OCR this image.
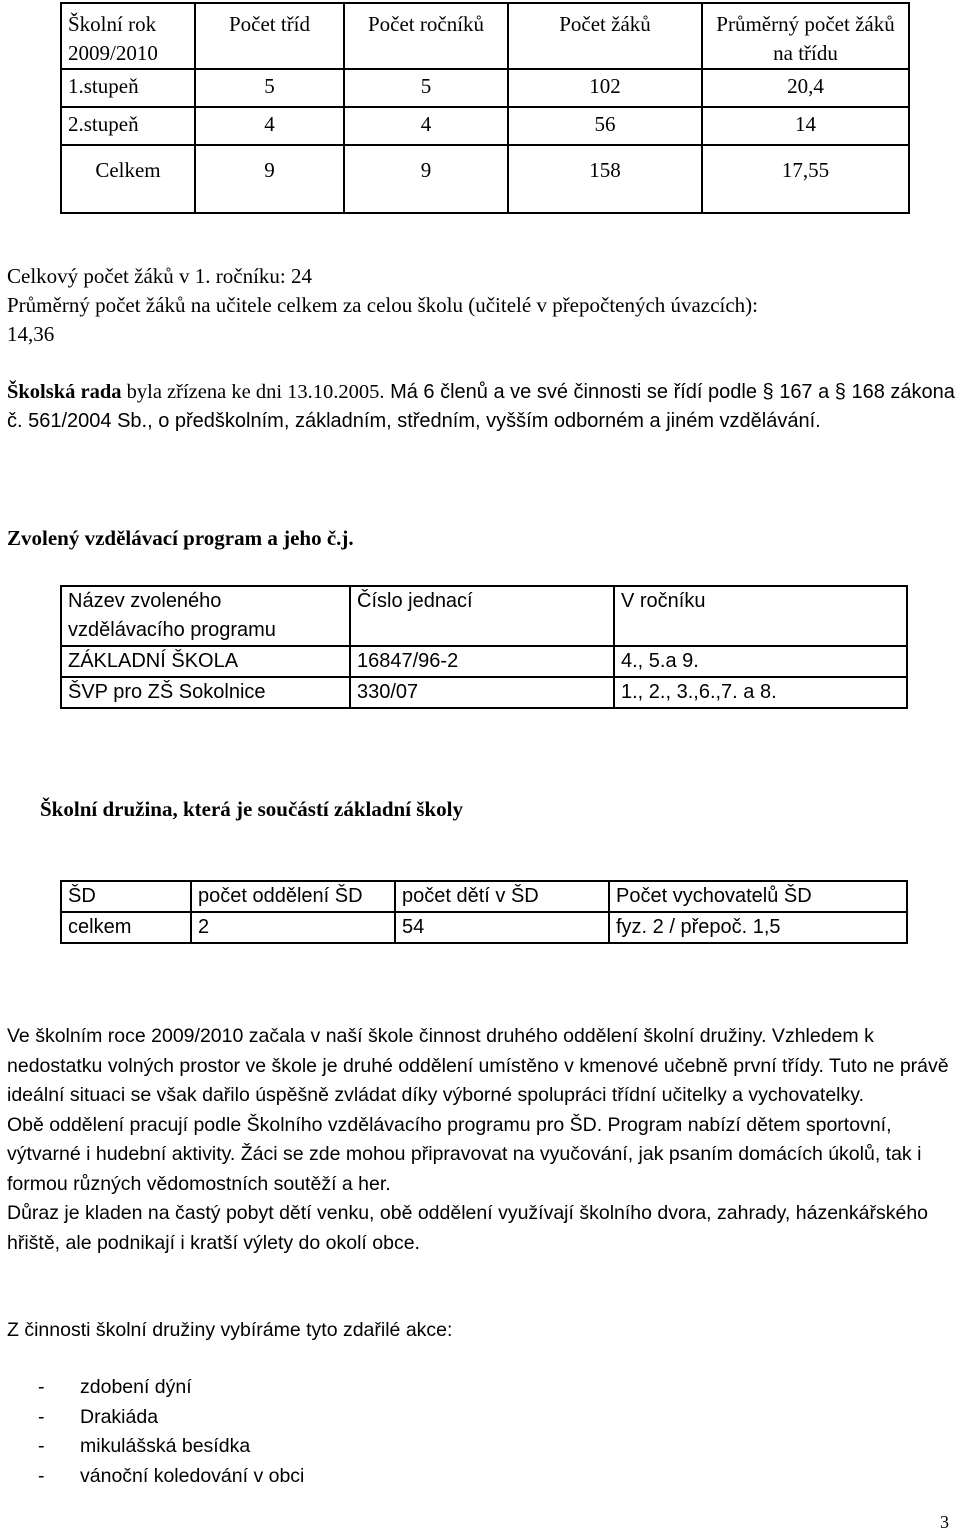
Školní rok 2009/2010	Počet tříd	Počet ročníků	Počet žáků	Průměrný počet žáků na třídu
1.stupeň	5	5	102	20,4
2.stupeň	4	4	56	14
Celkem	9	9	158	17,55
Celkový počet žáků v 1. ročníku: 24
Průměrný počet žáků na učitele celkem za celou školu (učitelé v přepočtených úvazcích):
14,36
Školská rada byla zřízena ke dni 13.10.2005. Má 6 členů a ve své činnosti se řídí podle § 167 a § 168 zákona č. 561/2004 Sb., o předškolním, základním, středním, vyšším odborném a jiném vzdělávání.
Zvolený vzdělávací program a jeho č.j.
Název zvoleného vzdělávacího programu	Číslo jednací	V ročníku
ZÁKLADNÍ ŠKOLA	16847/96-2	4., 5.a 9.
ŠVP pro ZŠ Sokolnice	330/07	1., 2., 3.,6.,7. a 8.
Školní družina, která je součástí základní školy
ŠD	počet oddělení ŠD	počet dětí v ŠD	Počet vychovatelů ŠD
celkem	2	54	fyz. 2 / přepoč. 1,5
Ve školním roce 2009/2010 začala v naší škole činnost druhého oddělení školní družiny. Vzhledem k nedostatku volných prostor ve škole je druhé oddělení umístěno v kmenové učebně první třídy. Tuto ne právě ideální situaci se však dařilo úspěšně zvládat díky výborné spolupráci třídní učitelky a vychovatelky.
Obě oddělení pracují podle Školního vzdělávacího programu pro ŠD. Program nabízí dětem sportovní, výtvarné i hudební aktivity. Žáci se zde mohou připravovat na vyučování, jak psaním domácích úkolů, tak i formou různých vědomostních soutěží a her.
Důraz je kladen na častý pobyt dětí venku, obě oddělení využívají školního dvora, zahrady, házenkářského hřiště, ale podnikají i kratší výlety do okolí obce.
Z činnosti školní družiny vybíráme tyto zdařilé akce:
- zdobení dýní
- Drakiáda
- mikulášská besídka
- vánoční koledování v obci
3
